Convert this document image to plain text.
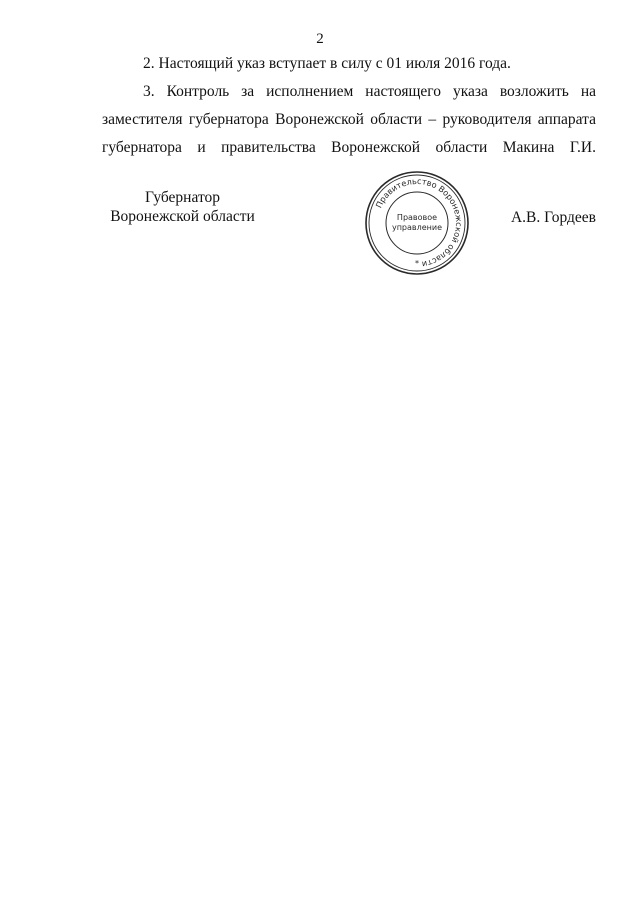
2

2. Настоящий указ вступает в силу с 01 июля 2016 года.

3. Контроль за исполнением настоящего указа возложить на заместителя губернатора Воронежской области – руководителя аппарата губернатора и правительства Воронежской области Макина Г.И.

Губернатор
Воронежской области
Правительство Воронежской области
Правовое
управление
*
А.В. Гордеев
